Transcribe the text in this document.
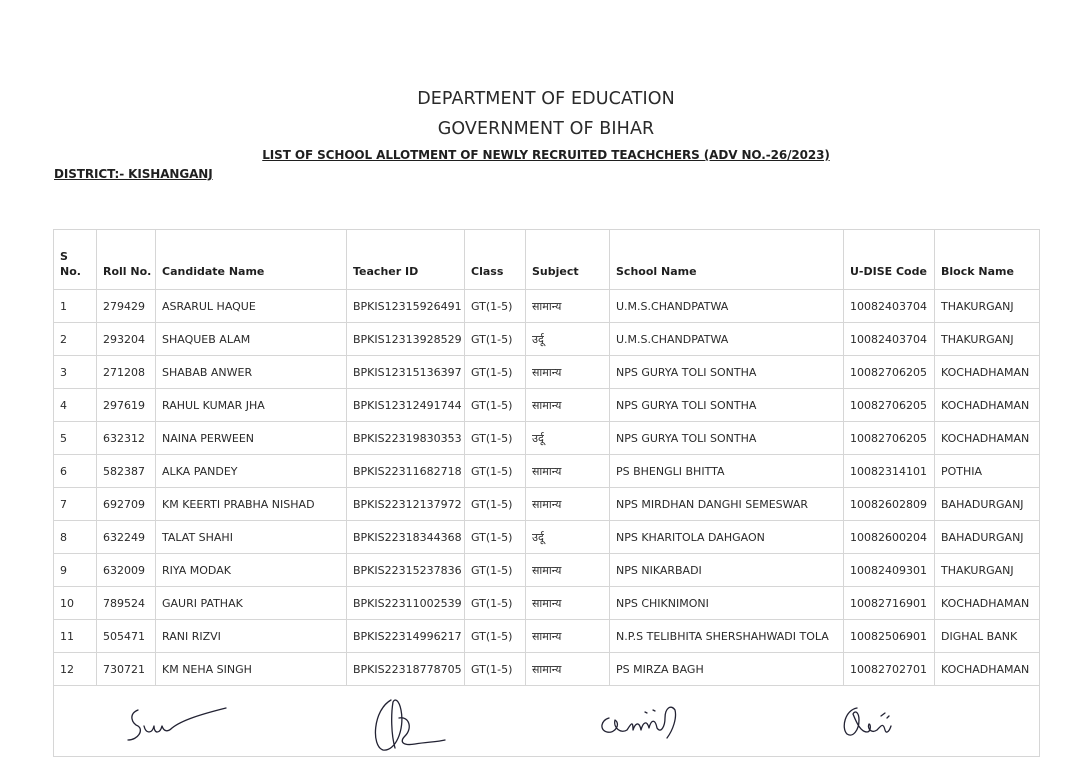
DEPARTMENT OF EDUCATION
GOVERNMENT OF BIHAR
LIST OF SCHOOL ALLOTMENT OF NEWLY RECRUITED TEACHCHERS (ADV NO.-26/2023)
DISTRICT:- KISHANGANJ
S
No.	Roll No.	Candidate Name	Teacher ID	Class	Subject	School Name	U-DISE Code	Block Name
1	279429	ASRARUL HAQUE	BPKIS12315926491	GT(1-5)	सामान्य	U.M.S.CHANDPATWA	10082403704	THAKURGANJ
2	293204	SHAQUEB ALAM	BPKIS12313928529	GT(1-5)	उर्दू	U.M.S.CHANDPATWA	10082403704	THAKURGANJ
3	271208	SHABAB ANWER	BPKIS12315136397	GT(1-5)	सामान्य	NPS GURYA TOLI SONTHA	10082706205	KOCHADHAMAN
4	297619	RAHUL KUMAR JHA	BPKIS12312491744	GT(1-5)	सामान्य	NPS GURYA TOLI SONTHA	10082706205	KOCHADHAMAN
5	632312	NAINA PERWEEN	BPKIS22319830353	GT(1-5)	उर्दू	NPS GURYA TOLI SONTHA	10082706205	KOCHADHAMAN
6	582387	ALKA PANDEY	BPKIS22311682718	GT(1-5)	सामान्य	PS BHENGLI BHITTA	10082314101	POTHIA
7	692709	KM KEERTI PRABHA NISHAD	BPKIS22312137972	GT(1-5)	सामान्य	NPS MIRDHAN DANGHI SEMESWAR	10082602809	BAHADURGANJ
8	632249	TALAT SHAHI	BPKIS22318344368	GT(1-5)	उर्दू	NPS KHARITOLA DAHGAON	10082600204	BAHADURGANJ
9	632009	RIYA MODAK	BPKIS22315237836	GT(1-5)	सामान्य	NPS NIKARBADI	10082409301	THAKURGANJ
10	789524	GAURI PATHAK	BPKIS22311002539	GT(1-5)	सामान्य	NPS CHIKNIMONI	10082716901	KOCHADHAMAN
11	505471	RANI RIZVI	BPKIS22314996217	GT(1-5)	सामान्य	N.P.S TELIBHITA SHERSHAHWADI TOLA	10082506901	DIGHAL BANK
12	730721	KM NEHA SINGH	BPKIS22318778705	GT(1-5)	सामान्य	PS MIRZA BAGH	10082702701	KOCHADHAMAN
